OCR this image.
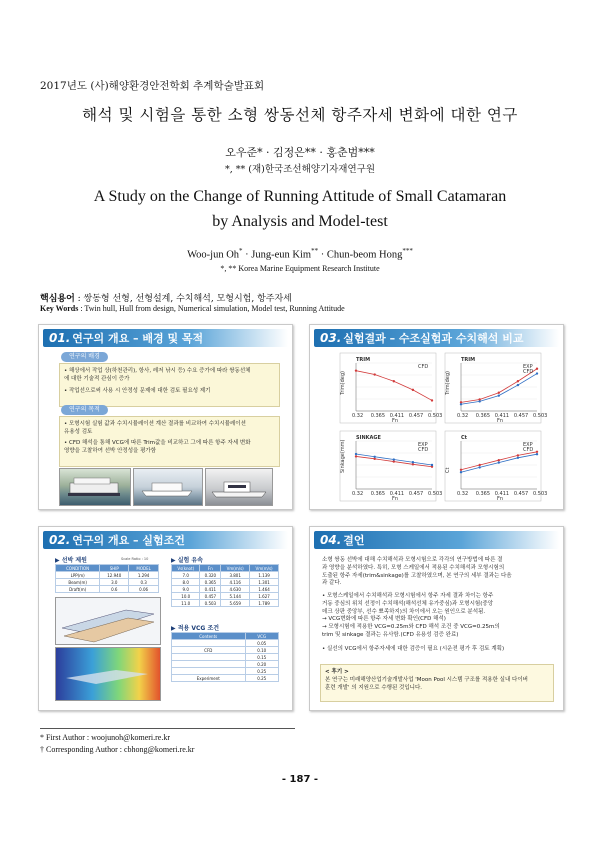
2017년도 (사)해양환경안전학회 추계학술발표회
해석 및 시험을 통한 소형 쌍동선체 항주자세 변화에 대한 연구
오우준* · 김정은** · 홍춘범***
*, ** (재)한국조선해양기자재연구원
A Study on the Change of Running Attitude of Small Catamaran
by Analysis and Model-test
Woo-jun Oh* · Jung-eun Kim** · Chun-beom Hong***
*, ** Korea Marine Equipment Research Institute
핵심용어 : 쌍동형 선형, 선형설계, 수치해석, 모형시험, 항주자세
Key Words : Twin hull, Hull from design, Numerical simulation, Model test, Running Attitude
01. 연구의 개요 – 배경 및 목적
연구의 배경
• 해상에서 작업 상(하천관리), 항사, 레저 낚시 등) 수요 증가에 따라 쌍동선체
에 대한 기술적 관심이 증가
• 작업선으로써 사용 시 안정성 문제에 대한 검토 필요성 제기
연구의 목적
• 모형시험 실험 값과 수치시뮬레이션 계산 결과를 비교하여 수치시뮬레이션
유용성 검토
• CFD 해석을 통해 VCG에 따른 Trim값을 비교하고 그에 따른 항주 자세 변화
영향을 고찰하여 선박 안정성을 평가함
03. 실험결과 – 수조실험과 수치해석 비교
TRIM
0.32 0.365 0.411 0.457 0.503
Fn
Trim(deg)
CFD
TRIM
0.32 0.365 0.411 0.457 0.503
Fn
Trim(deg)
EXP
CFD
SINKAGE
0.32 0.365 0.411 0.457 0.503
Fn
Sinkage(mm)	EXP
CFD
Ct
0.32 0.365 0.411 0.457 0.503
Fn
Ct
EXP
CFD
02. 연구의 개요 – 실험조건
▶ 선박 제원	Scale Ratio : 10
CONDITION	SHIP	MODEL
LPP(m)	12.940	1.294
Beam(m)	3.0	0.3
Draft(m)	0.6	0.06
▶ 실험 유속
Vs(knot)	Fn	Vm(m/s)	Vm(m/s)
7.0	0.320	3.801	1.139
8.0	0.365	4.116	1.301
9.0	0.411	4.630	1.464
10.0	0.457	5.144	1.627
11.0	0.503	5.659	1.789
▶ 적용 VCG 조건
Contents	VCG
	0.05
CFD	0.10
	0.15
	0.20
	0.25
Experiment	0.25
04. 결언
소형 쌍동 선박에 대해 수치해석과 모형시험으로 각각의 연구방법에 따른 결
과 영향을 분석하였다. 특히, 모형 스케일에서 적용된 수치해석과 모형시험의
도출된 항주 자세(trim&sinkage)를 고찰하였으며, 본 연구의 세부 결과는 다음
과 같다.
• 모형스케일에서 수치해석과 모형시험에서 항주 자세 결과 차이는 항주
거동 중심의 위치 선정이 수치해석(해석선체 유가중심)과 모형시험(중앙
데크 상판 중앙부, 선수 뾰족하지)의 차이에서 오는 원인으로 분석됨.
→ VCG변화에 따른 항주 자세 변화 확인(CFD 해석)
→ 모형시험에 적용한 VCG=0.25m와 CFD 해석 조건 중 VCG=0.25m의
trim 및 sinkage 결과는 유사함.(CFD 유용성 검증 완료)
• 실선의 VCG에서 항주자세에 대한 검증이 필요 (시운전 평가 후 검토 계획)
< 후기 >
본 연구는 미래해양산업기술개발사업 'Moon Pool 시스템 구조를 적용한 실내 다이버
훈련 개발' 의 지원으로 수행된 것입니다.
* First Author : woojunoh@komeri.re.kr
† Corresponding Author : cbhong@komeri.re.kr
- 187 -
